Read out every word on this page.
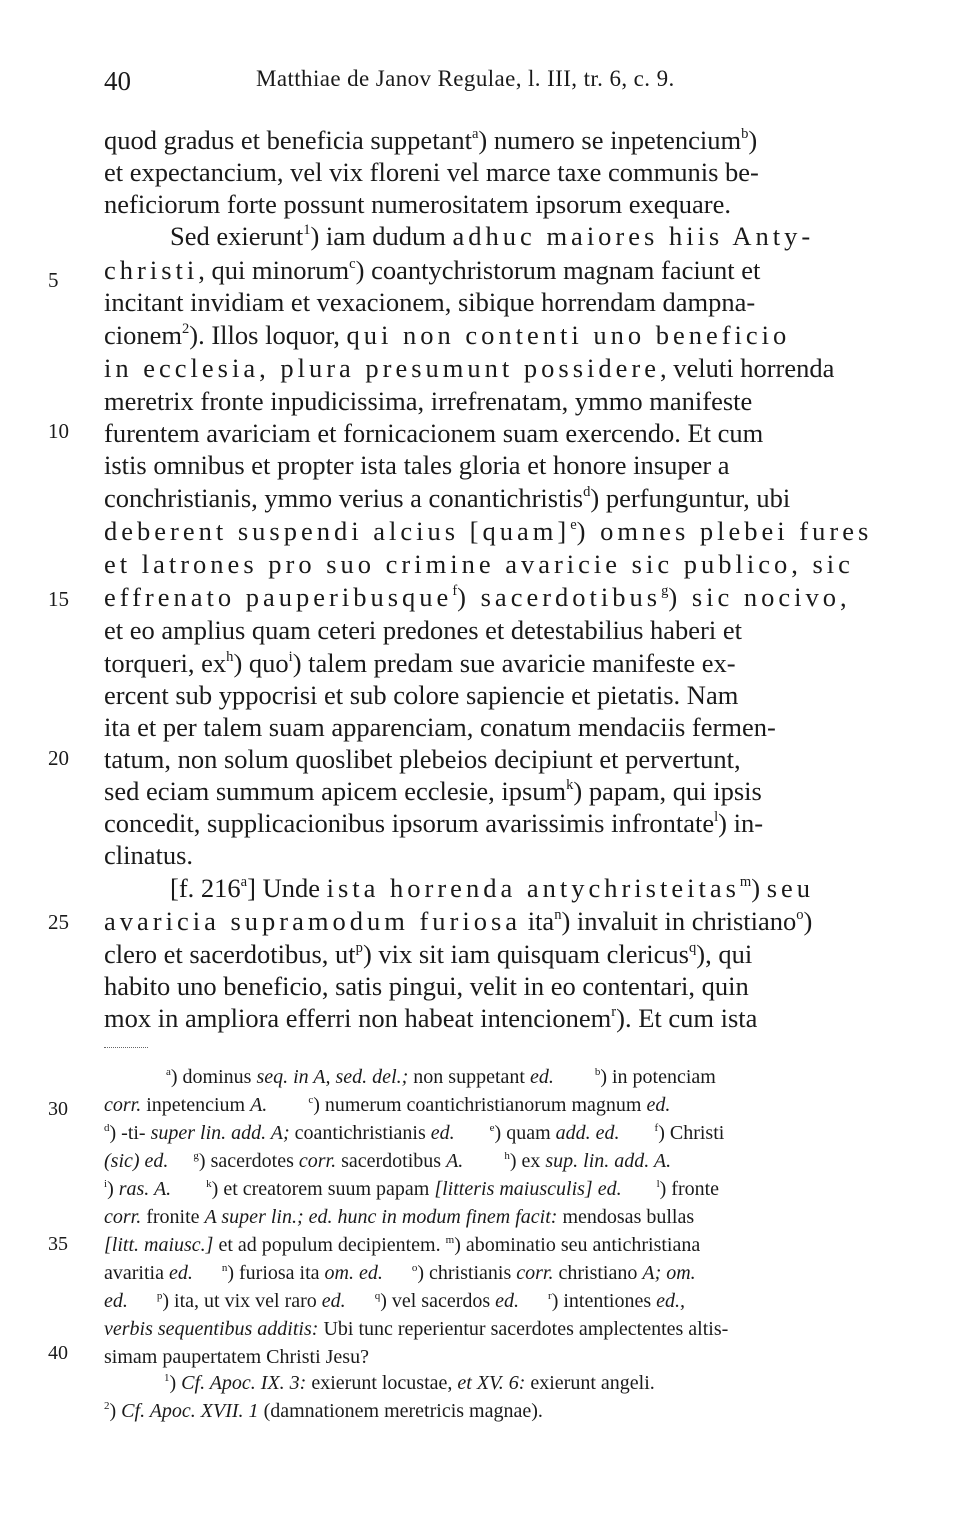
40	Matthiae de Janov Regulae, l. III, tr. 6, c. 9.
5
10
15
20
25
30
35
40
quod gradus et beneficia suppetant$^a$) numero se inpetencium$^b$)
et expectancium, vel vix floreni vel marce taxe communis be-
neficiorum forte possunt numerositatem ipsorum exequare.
Sed exierunt$^1$) iam dudum adhuc maiores hiis Anty-
christi, qui minorum$^c$) coantychristorum magnam faciunt et
incitant invidiam et vexacionem, sibique horrendam dampna-
cionem$^2$). Illos loquor, qui non contenti uno beneficio
in ecclesia, plura presumunt possidere, veluti horrenda
meretrix fronte inpudicissima, irrefrenatam, ymmo manifeste
furentem avariciam et fornicacionem suam exercendo. Et cum
istis omnibus et propter ista tales gloria et honore insuper a
conchristianis, ymmo verius a conantichristis$^d$) perfunguntur, ubi
deberent suspendi alcius [quam]$^e$) omnes plebei fures
et latrones pro suo crimine avaricie sic publico, sic
effrenato pauperibusque$^f$) sacerdotibus$^g$) sic nocivo,
et eo amplius quam ceteri predones et detestabilius haberi et
torqueri, $ex^h$) quo$^i$) talem predam sue avaricie manifeste ex-
ercent sub yppocrisi et sub colore sapiencie et pietatis. Nam
ita et per talem suam apparenciam, conatum mendaciis fermen-
tatum, non solum quoslibet plebeios decipiunt et pervertunt,
sed eciam summum apicem ecclesie, ipsum$^k$) papam, qui ipsis
concedit, supplicacionibus ipsorum avarissimis infrontate$^l$) in-
clinatus.
[f. 216$^a$] Unde ista horrenda antychristeitas$^m$) seu
avaricia supramodum furiosa ita$^n$) invaluit in christiano$^o$)
clero et sacerdotibus, $ut^p$) vix sit iam quisquam clericus$^q$), qui
habito uno beneficio, satis pingui, velit in eo contentari, quin
mox in ampliora efferri non habeat intencionem$^r$). Et cum ista
$^a$) dominus seq. in A, sed. del.; non suppetant ed.	$^b$) in potenciam
corr. inpetencium A.	$^c$) numerum coantichristianorum magnum ed.
$^d$) -ti- super lin. add. A; coantichristianis ed.	$^e$) quam add. ed.	$^f$) Christi
(sic) ed. $^g$) sacerdotes corr. sacerdotibus A.	$^h$) ex sup. lin. add. A.
$^i$) ras. A.	$^k$) et creatorem suum papam [litteris maiusculis] ed.	$^l$) fronte
corr. fronite A super lin.; ed. hunc in modum finem facit: mendosas bullas
[litt. maiusc.] et ad populum decipientem. $^m$) abominatio seu antichristiana
avaritia ed.	$^n$) furiosa ita om. ed.	$^o$) christianis corr. christiano A; om.
ed.	$^p$) ita, ut vix vel raro ed.	$^q$) vel sacerdos ed.	$^r$) intentiones ed.,
verbis sequentibus additis: Ubi tunc reperientur sacerdotes amplectentes altis-
simam paupertatem Christi Jesu?
$^1$) Cf. Apoc. IX. 3: exierunt locustae, et XV. 6: exierunt angeli.
$^2$) Cf. Apoc. XVII. 1 (damnationem meretricis magnae).
